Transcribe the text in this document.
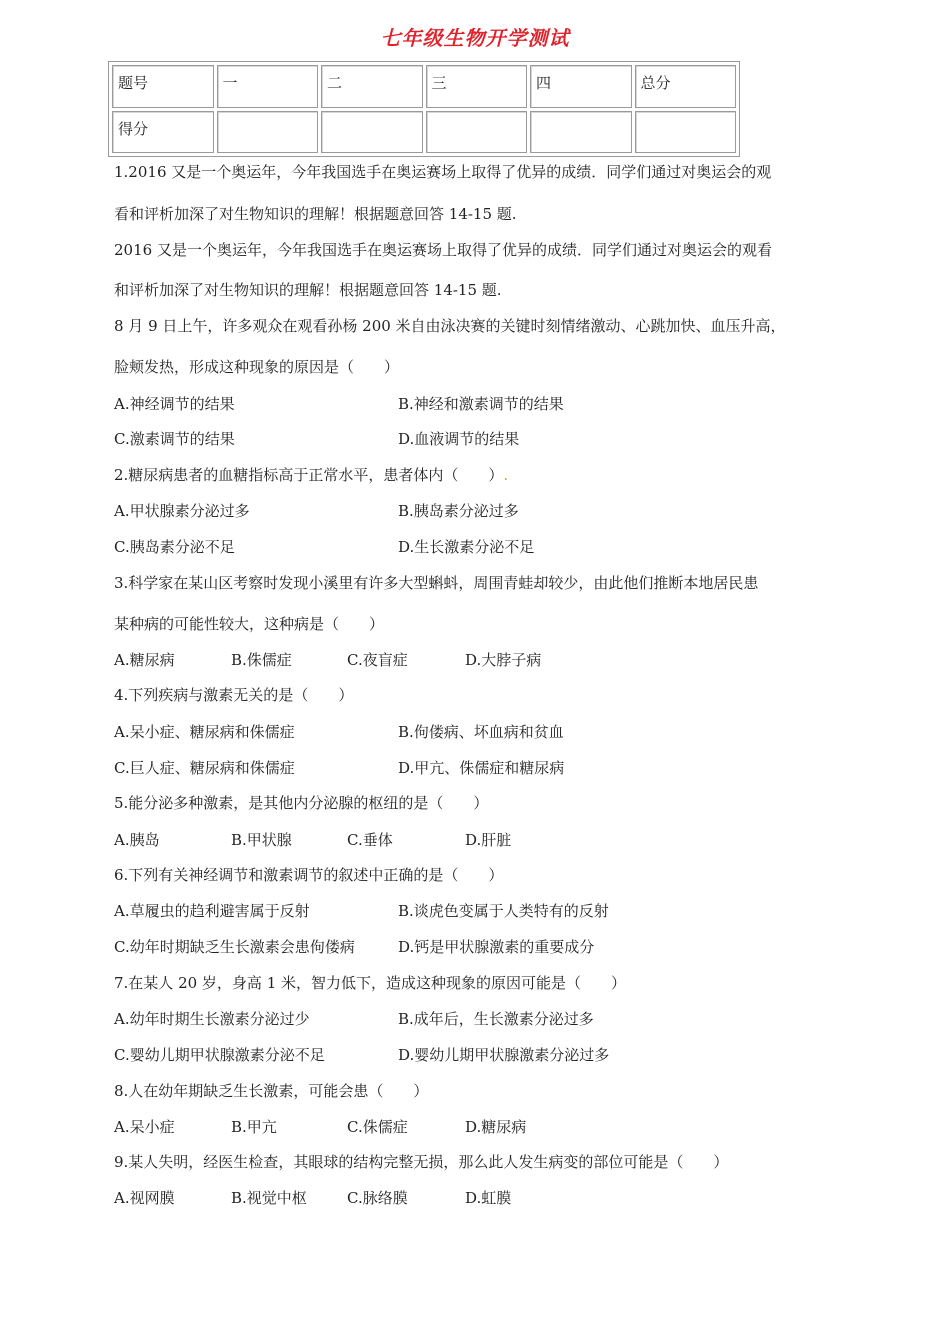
七年级生物开学测试
题号	一	二	三	四	总分
得分					
1.2016 又是一个奥运年，今年我国选手在奥运赛场上取得了优异的成绩．同学们通过对奥运会的观
看和评析加深了对生物知识的理解！根据题意回答 14-15 题.
2016 又是一个奥运年，今年我国选手在奥运赛场上取得了优异的成绩．同学们通过对奥运会的观看
和评析加深了对生物知识的理解！根据题意回答 14-15 题.
8 月 9 日上午，许多观众在观看孙杨 200 米自由泳决赛的关键时刻情绪激动、心跳加快、血压升高，
脸颊发热，形成这种现象的原因是（　　）
A.神经调节的结果	B.神经和激素调节的结果
C.激素调节的结果	D.血液调节的结果
2.糖尿病患者的血糖指标高于正常水平，患者体内（　　）.
A.甲状腺素分泌过多	B.胰岛素分泌过多
C.胰岛素分泌不足	D.生长激素分泌不足
3.科学家在某山区考察时发现小溪里有许多大型蝌蚪，周围青蛙却较少，由此他们推断本地居民患
某种病的可能性较大，这种病是（　　）
A.糖尿病	B.侏儒症	C.夜盲症	D.大脖子病
4.下列疾病与激素无关的是（　　）
A.呆小症、糖尿病和侏儒症	B.佝偻病、坏血病和贫血
C.巨人症、糖尿病和侏儒症	D.甲亢、侏儒症和糖尿病
5.能分泌多种激素，是其他内分泌腺的枢纽的是（　　）
A.胰岛	B.甲状腺	C.垂体	D.肝脏
6.下列有关神经调节和激素调节的叙述中正确的是（　　）
A.草履虫的趋利避害属于反射	B.谈虎色变属于人类特有的反射
C.幼年时期缺乏生长激素会患佝偻病	D.钙是甲状腺激素的重要成分
7.在某人 20 岁，身高 1 米，智力低下，造成这种现象的原因可能是（　　）
A.幼年时期生长激素分泌过少	B.成年后，生长激素分泌过多
C.婴幼儿期甲状腺激素分泌不足	D.婴幼儿期甲状腺激素分泌过多
8.人在幼年期缺乏生长激素，可能会患（　　）
A.呆小症	B.甲亢	C.侏儒症	D.糖尿病
9.某人失明，经医生检查，其眼球的结构完整无损，那么此人发生病变的部位可能是（　　）
A.视网膜	B.视觉中枢	C.脉络膜	D.虹膜
